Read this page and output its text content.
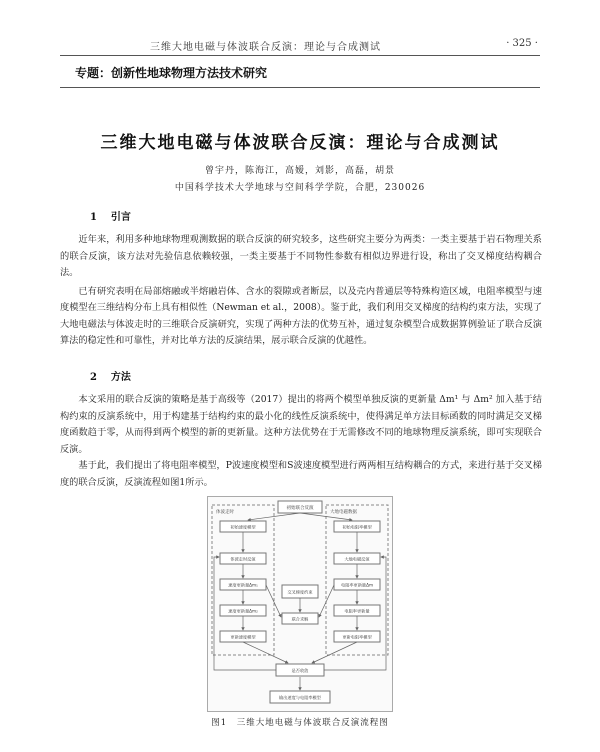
三维大地电磁与体波联合反演：理论与合成测试	· 325 ·
专题：创新性地球物理方法技术研究
三维大地电磁与体波联合反演：理论与合成测试
曾宇丹，陈海江，高嫒，刘影，高磊，胡景
中国科学技术大学地球与空间科学学院，合肥，230026
1 引言

近年来，利用多种地球物理观测数据的联合反演的研究较多，这些研究主要分为两类：一类主要基于岩石物理关系的联合反演，该方法对先验信息依赖较强，一类主要基于不同物性参数有相似边界进行设，称出了交叉梯度结构耦合法。

已有研究表明在局部熔融或半熔融岩体、含水的裂隙或者断层，以及壳内普通层等特殊构造区域，电阻率模型与速度模型在三维结构分布上具有相似性（Newman et al.，2008）。鉴于此，我们利用交叉梯度的结构约束方法，实现了大地电磁法与体波走时的三维联合反演研究，实现了两种方法的优势互补，通过复杂模型合成数据算例验证了联合反演算法的稳定性和可靠性，并对比单方法的反演结果，展示联合反演的优越性。

2 方法

本文采用的联合反演的策略是基于高级等（2017）提出的将两个模型单独反演的更新量 Δm¹ 与 Δm² 加入基于结构约束的反演系统中，用于构建基于结构约束的最小化的线性反演系统中，使得满足单方法目标函数的同时满足交叉梯度函数趋于零，从而得到两个模型的新的更新量。这种方法优势在于无需修改不同的地球物理反演系统，即可实现联合反演。

基于此，我们提出了将电阻率模型，P波速度模型和S波速度模型进行两两相互结构耦合的方式，来进行基于交叉梯度的联合反演，反演流程如图1所示。

体波走时	大地电磁数据
初始联合反演
初始速度模型
体波走时反演
速度更新量Δm₁
速度更新量Δm₂
更新速度模型
初始电阻率模型
大地电磁反演
电阻率更新量Δm
电阻率更新量
更新电阻率模型
交叉梯度约束
联合求解
是否收敛
输出速度与电阻率模型
图1　三维大地电磁与体波联合反演流程图
